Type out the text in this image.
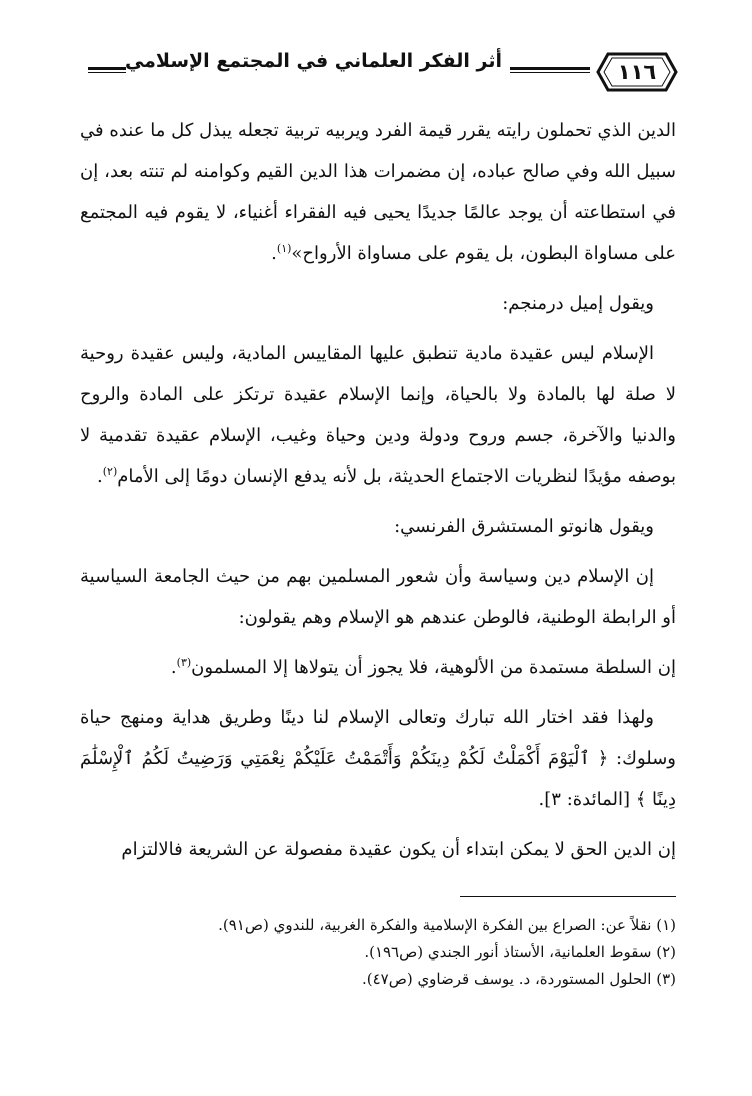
١١٦
أثر الفكر العلماني في المجتمع الإسلامي

الدين الذي تحملون رايته يقرر قيمة الفرد ويربيه تربية تجعله يبذل كل ما عنده في سبيل الله وفي صالح عباده، إن مضمرات هذا الدين القيم وكوامنه لم تنته بعد، إن في استطاعته أن يوجد عالمًا جديدًا يحيى فيه الفقراء أغنياء، لا يقوم فيه المجتمع على مساواة البطون، بل يقوم على مساواة الأرواح»$^{(١)}$.

ويقول إميل درمنجم:

الإسلام ليس عقيدة مادية تنطبق عليها المقاييس المادية، وليس عقيدة روحية لا صلة لها بالمادة ولا بالحياة، وإنما الإسلام عقيدة ترتكز على المادة والروح والدنيا والآخرة، جسم وروح ودولة ودين وحياة وغيب، الإسلام عقيدة تقدمية لا بوصفه مؤيدًا لنظريات الاجتماع الحديثة، بل لأنه يدفع الإنسان دومًا إلى الأمام$^{(٢)}$.

ويقول هانوتو المستشرق الفرنسي:

إن الإسلام دين وسياسة وأن شعور المسلمين بهم من حيث الجامعة السياسية أو الرابطة الوطنية، فالوطن عندهم هو الإسلام وهم يقولون:

إن السلطة مستمدة من الألوهية، فلا يجوز أن يتولاها إلا المسلمون$^{(٣)}$.

ولهذا فقد اختار الله تبارك وتعالى الإسلام لنا دينًا وطريق هداية ومنهج حياة وسلوك: ﴿ ٱلْيَوْمَ أَكْمَلْتُ لَكُمْ دِينَكُمْ وَأَتْمَمْتُ عَلَيْكُمْ نِعْمَتِي وَرَضِيتُ لَكُمُ ٱلْإِسْلَٰمَ دِينًا ﴾ [المائدة: ٣].

إن الدين الحق لا يمكن ابتداء أن يكون عقيدة مفصولة عن الشريعة فالالتزام

(١) نقلاً عن: الصراع بين الفكرة الإسلامية والفكرة الغربية، للندوي (ص٩١).

(٢) سقوط العلمانية، الأستاذ أنور الجندي (ص١٩٦).

(٣) الحلول المستوردة، د. يوسف قرضاوي (ص٤٧).
